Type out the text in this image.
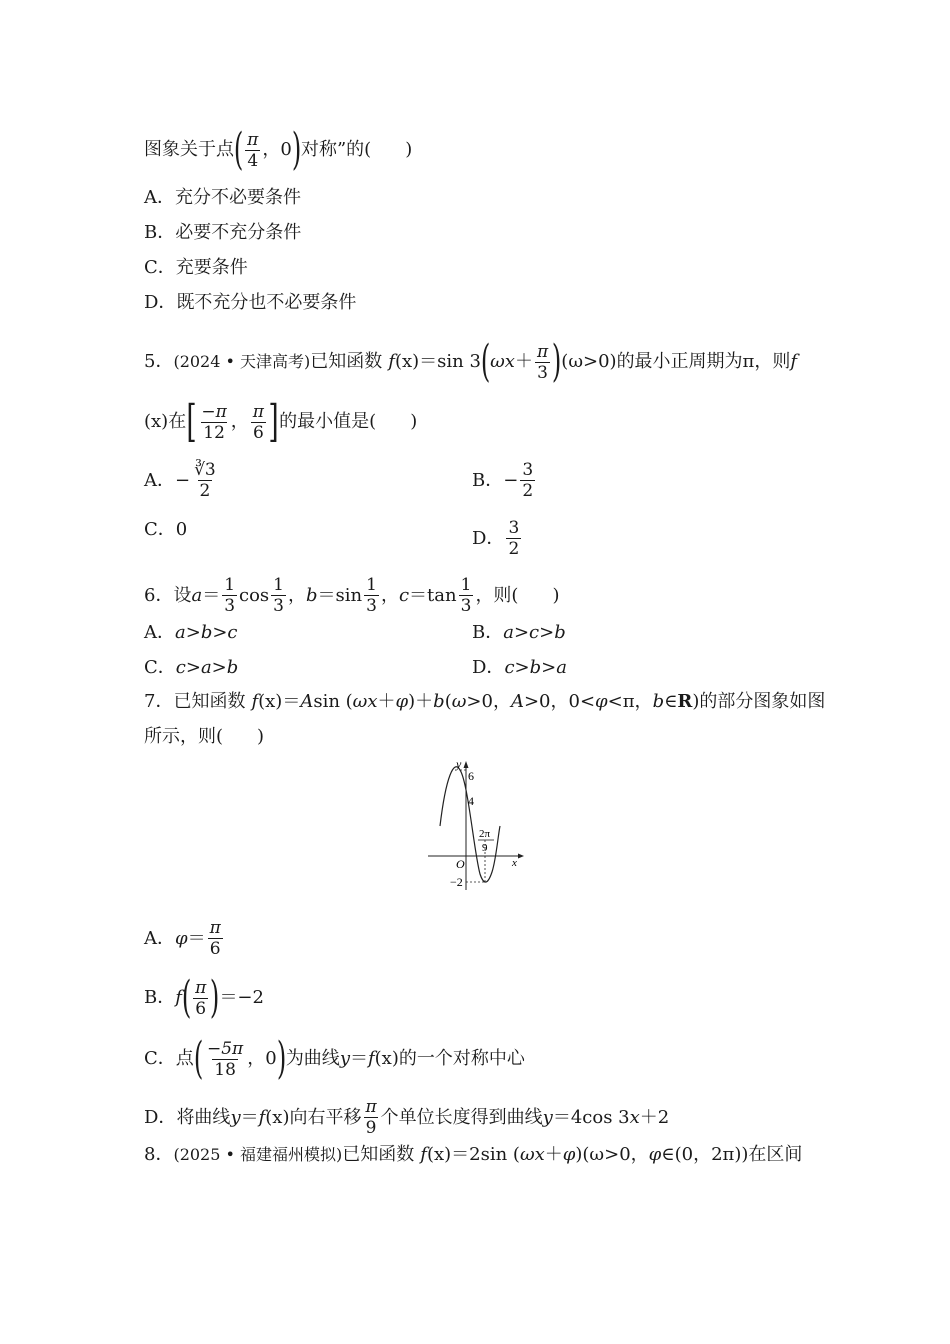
图象关于点 ( $\frac{\pi}{4}$ ， 0 ) 对称”的( )
A． 充分不必要条件
B． 必要不充分条件
C． 充要条件
D． 既不充分也不必要条件
5． (2024 • 天津高考) 已知函数 f (x) ＝sin 3 ( $\omega x + \frac{\pi}{3}$ ) (ω>0) 的最小正周期为π，则 f
(x) 在 [ $\frac{-\pi}{12}$ ， $\frac{\pi}{6}$ ] 的最小值是( )
A． − $\frac{∛3}{2}$	B． − $\frac{3}{2}$
C． 0	D． $\frac{3}{2}$
6． 设 $a = \frac{1}{3}$ $\cos \frac{1}{3}$ ， $b =\sin \frac{1}{3}$ ， $c =\tan \frac{1}{3}$ ，则( )
A． a>b>c	B． a>c>b
C． c>a>b	D． c>b>a
7． 已知函数 f (x)＝ A sin ( ωx ＋ φ )＋ b ( ω >0， A >0，0< φ <π， b ∈ R )的部分图象如图
所示，则( )
y
6
4
O
−2
x
2π
9
A． $\varphi = \frac{\pi}{6}$
B． f ( $\frac{\pi}{6}$ ) ＝−2
C． 点 ( $\frac{-5\pi}{18}$ ， 0 ) 为曲线 y ＝ f (x) 的一个对称中心
D． 将曲线 y ＝ f (x) 向右平移 $\frac{\pi}{9}$ 个单位长度得到曲线 y ＝4cos 3 x ＋2
8． (2025 • 福建福州模拟) 已知函数 f (x)＝2sin ( ωx ＋ φ )(ω>0， φ ∈(0，2π))在区间
